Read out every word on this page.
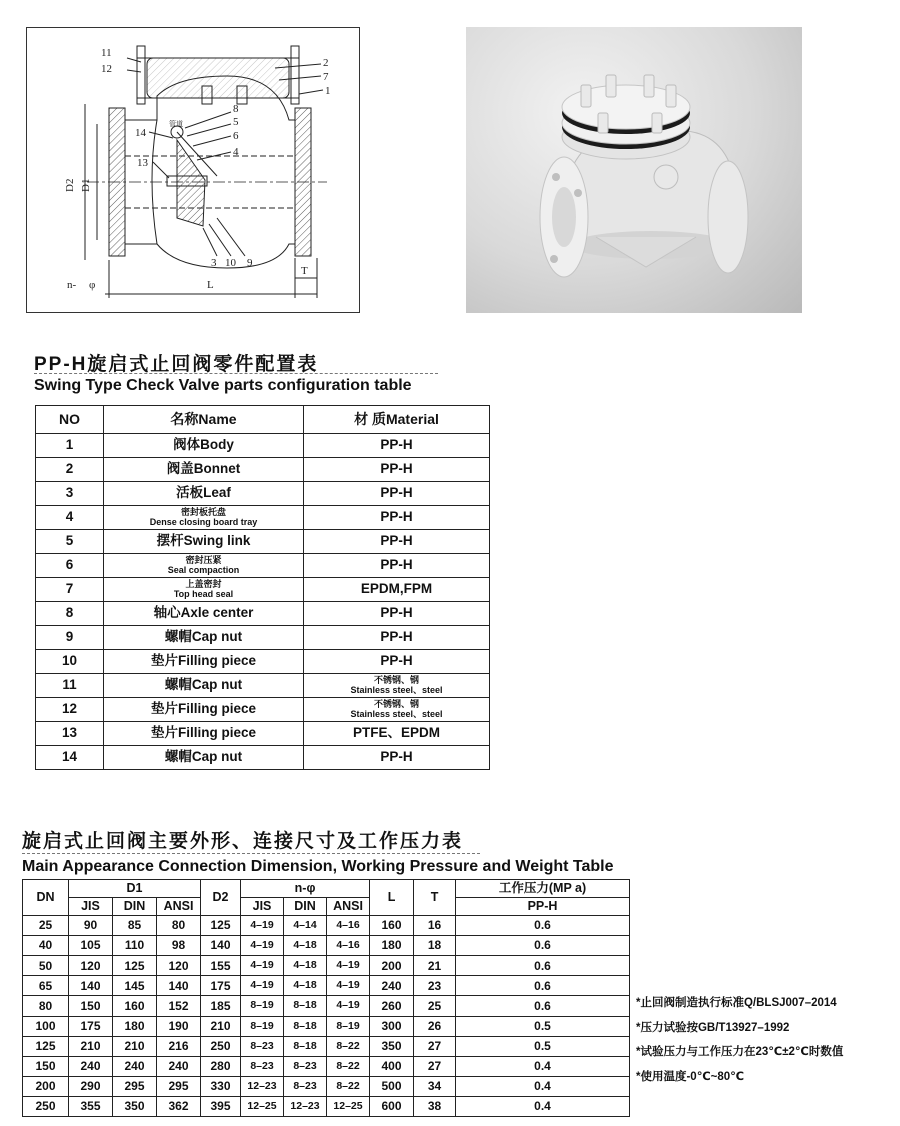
11
12	2
7
1
8
5
6
4
14
13
3 10 9
管道
D2 D1
n- φ	L
T
PP-H旋启式止回阀零件配置表
Swing Type Check Valve parts configuration table
NO	名称Name	材 质Material
1	阀体Body	PP-H
2	阀盖Bonnet	PP-H
3	活板Leaf	PP-H
4	密封板托盘
Dense closing board tray	PP-H
5	摆杆Swing link	PP-H
6	密封压紧
Seal compaction	PP-H
7	上盖密封
Top head seal	EPDM,FPM
8	轴心Axle center	PP-H
9	螺帽Cap nut	PP-H
10	垫片Filling piece	PP-H
11	螺帽Cap nut	不锈钢、钢
Stainless steel、steel

12	垫片Filling piece	不锈钢、钢
Stainless steel、steel

13	垫片Filling piece	PTFE、EPDM
14	螺帽Cap nut	PP-H
旋启式止回阀主要外形、连接尺寸及工作压力表
Main Appearance Connection Dimension, Working Pressure and Weight Table
DN	D1			D2	n-φ			L	T	工作压力(MP a)
	JIS	DIN	ANSI		JIS	DIN	ANSI			PP-H
25	90	85	80	125	4–19	4–14	4–16	160	16	0.6
40	105	110	98	140	4–19	4–18	4–16	180	18	0.6
50	120	125	120	155	4–19	4–18	4–19	200	21	0.6
65	140	145	140	175	4–19	4–18	4–19	240	23	0.6
80	150	160	152	185	8–19	8–18	4–19	260	25	0.6
100	175	180	190	210	8–19	8–18	8–19	300	26	0.5
125	210	210	216	250	8–23	8–18	8–22	350	27	0.5
150	240	240	240	280	8–23	8–23	8–22	400	27	0.4
200	290	295	295	330	12–23	8–23	8–22	500	34	0.4
250	355	350	362	395	12–25	12–23	12–25	600	38	0.4
*止回阀制造执行标准Q/BLSJ007–2014
*压力试验按GB/T13927–1992
*试验压力与工作压力在23℃±2℃时数值
*使用温度-0℃~80℃
